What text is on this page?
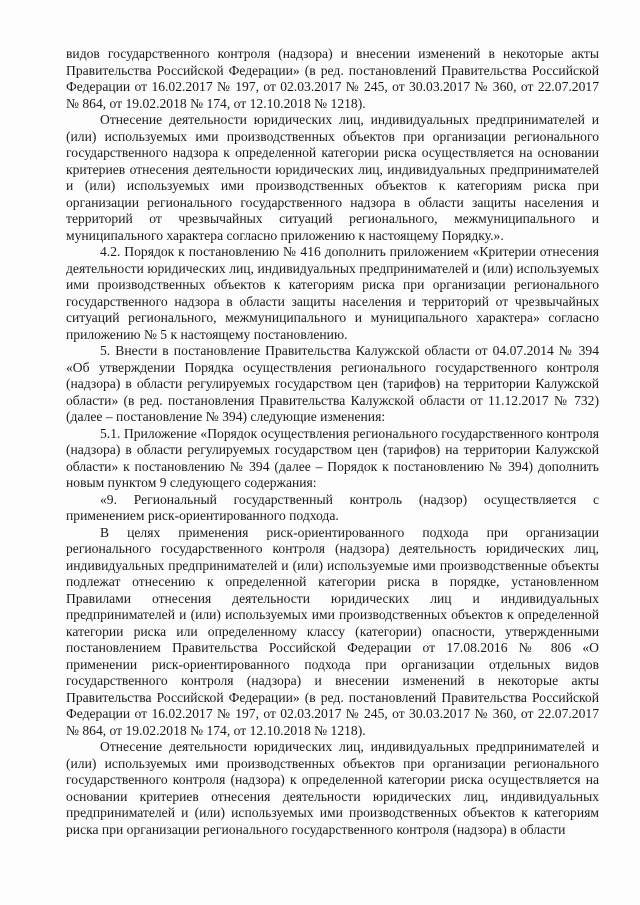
видов государственного контроля (надзора) и внесении изменений в некоторые акты Правительства Российской Федерации» (в ред. постановлений Правительства Российской Федерации от 16.02.2017 № 197, от 02.03.2017 № 245, от 30.03.2017 № 360, от 22.07.2017 № 864, от 19.02.2018 № 174, от 12.10.2018 № 1218).

Отнесение деятельности юридических лиц, индивидуальных предпринимателей и (или) используемых ими производственных объектов при организации регионального государственного надзора к определенной категории риска осуществляется на основании критериев отнесения деятельности юридических лиц, индивидуальных предпринимателей и (или) используемых ими производственных объектов к категориям риска при организации регионального государственного надзора в области защиты населения и территорий от чрезвычайных ситуаций регионального, межмуниципального и муниципального характера согласно приложению к настоящему Порядку.».

4.2. Порядок к постановлению № 416 дополнить приложением «Критерии отнесения деятельности юридических лиц, индивидуальных предпринимателей и (или) используемых ими производственных объектов к категориям риска при организации регионального государственного надзора в области защиты населения и территорий от чрезвычайных ситуаций регионального, межмуниципального и муниципального характера» согласно приложению № 5 к настоящему постановлению.

5. Внести в постановление Правительства Калужской области от 04.07.2014 № 394 «Об утверждении Порядка осуществления регионального государственного контроля (надзора) в области регулируемых государством цен (тарифов) на территории Калужской области» (в ред. постановления Правительства Калужской области от 11.12.2017 № 732) (далее – постановление № 394) следующие изменения:

5.1. Приложение «Порядок осуществления регионального государственного контроля (надзора) в области регулируемых государством цен (тарифов) на территории Калужской области» к постановлению № 394 (далее – Порядок к постановлению № 394) дополнить новым пунктом 9 следующего содержания:

«9. Региональный государственный контроль (надзор) осуществляется с применением риск-ориентированного подхода.

В целях применения риск-ориентированного подхода при организации регионального государственного контроля (надзора) деятельность юридических лиц, индивидуальных предпринимателей и (или) используемые ими производственные объекты подлежат отнесению к определенной категории риска в порядке, установленном Правилами отнесения деятельности юридических лиц и индивидуальных предпринимателей и (или) используемых ими производственных объектов к определенной категории риска или определенному классу (категории) опасности, утвержденными постановлением Правительства Российской Федерации от 17.08.2016 № 806 «О применении риск-ориентированного подхода при организации отдельных видов государственного контроля (надзора) и внесении изменений в некоторые акты Правительства Российской Федерации» (в ред. постановлений Правительства Российской Федерации от 16.02.2017 № 197, от 02.03.2017 № 245, от 30.03.2017 № 360, от 22.07.2017 № 864, от 19.02.2018 № 174, от 12.10.2018 № 1218).

Отнесение деятельности юридических лиц, индивидуальных предпринимателей и (или) используемых ими производственных объектов при организации регионального государственного контроля (надзора) к определенной категории риска осуществляется на основании критериев отнесения деятельности юридических лиц, индивидуальных предпринимателей и (или) используемых ими производственных объектов к категориям риска при организации регионального государственного контроля (надзора) в области
